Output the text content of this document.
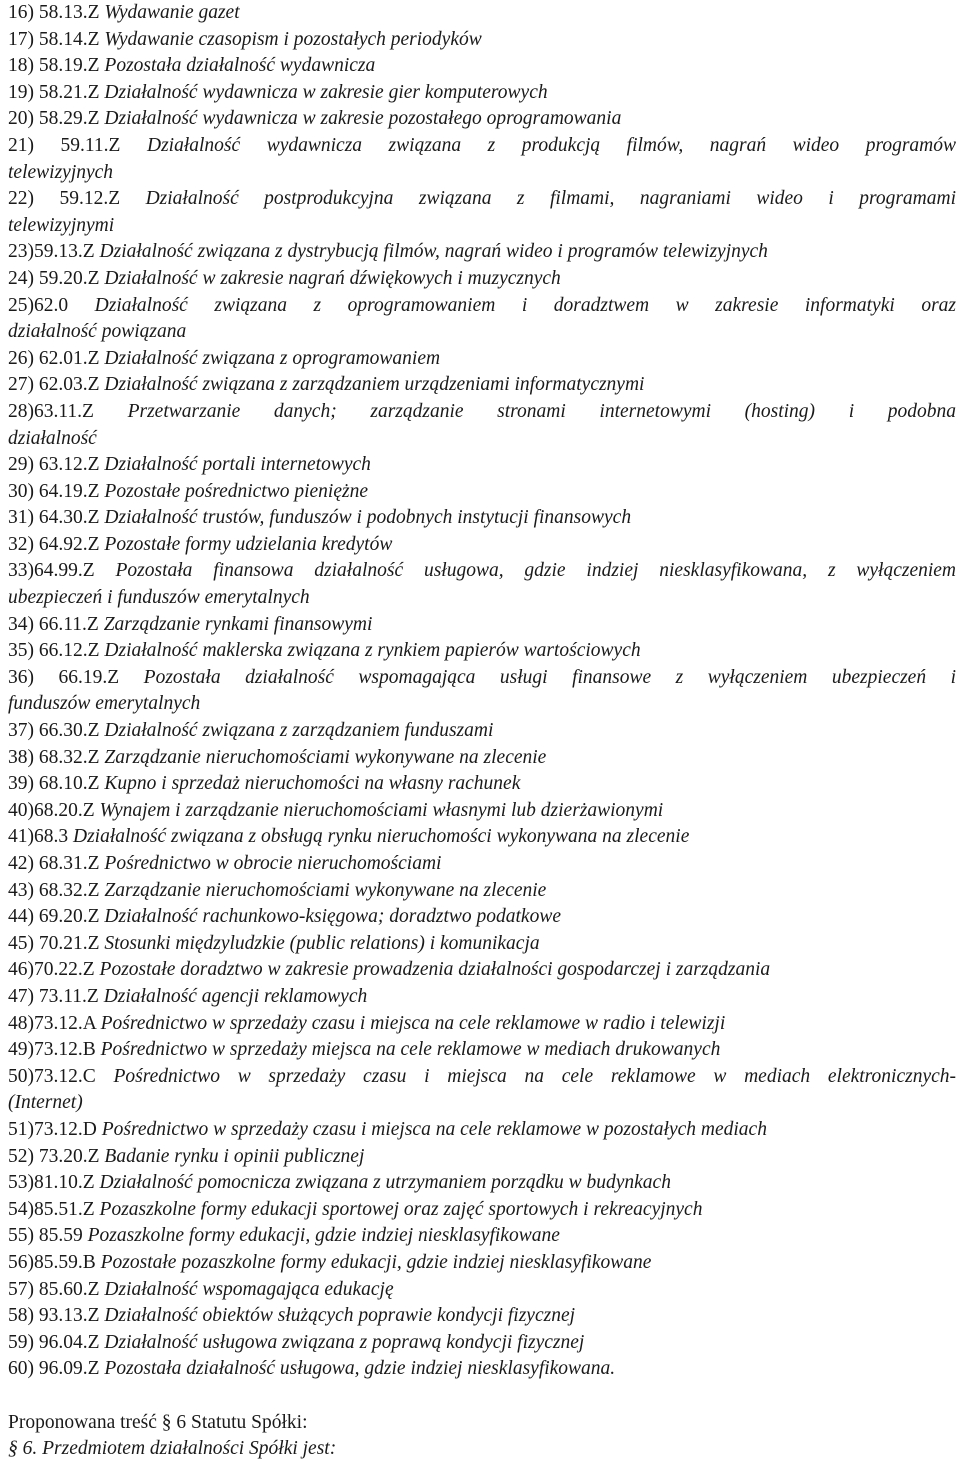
16) 58.13.Z Wydawanie gazet
17) 58.14.Z Wydawanie czasopism i pozostałych periodyków
18) 58.19.Z Pozostała działalność wydawnicza
19) 58.21.Z Działalność wydawnicza w zakresie gier komputerowych
20) 58.29.Z Działalność wydawnicza w zakresie pozostałego oprogramowania
21) 59.11.Z Działalność wydawnicza związana z produkcją filmów, nagrań wideo programów
telewizyjnych
22) 59.12.Z Działalność postprodukcyjna związana z filmami, nagraniami wideo i programami
telewizyjnymi
23)59.13.Z Działalność związana z dystrybucją filmów, nagrań wideo i programów telewizyjnych
24) 59.20.Z Działalność w zakresie nagrań dźwiękowych i muzycznych
25)62.0 Działalność związana z oprogramowaniem i doradztwem w zakresie informatyki oraz
działalność powiązana
26) 62.01.Z Działalność związana z oprogramowaniem
27) 62.03.Z Działalność związana z zarządzaniem urządzeniami informatycznymi
28)63.11.Z Przetwarzanie danych; zarządzanie stronami internetowymi (hosting) i podobna
działalność
29) 63.12.Z Działalność portali internetowych
30) 64.19.Z Pozostałe pośrednictwo pieniężne
31) 64.30.Z Działalność trustów, funduszów i podobnych instytucji finansowych
32) 64.92.Z Pozostałe formy udzielania kredytów
33)64.99.Z Pozostała finansowa działalność usługowa, gdzie indziej niesklasyfikowana, z wyłączeniem
ubezpieczeń i funduszów emerytalnych
34) 66.11.Z Zarządzanie rynkami finansowymi
35) 66.12.Z Działalność maklerska związana z rynkiem papierów wartościowych
36) 66.19.Z Pozostała działalność wspomagająca usługi finansowe z wyłączeniem ubezpieczeń i
funduszów emerytalnych
37) 66.30.Z Działalność związana z zarządzaniem funduszami
38) 68.32.Z Zarządzanie nieruchomościami wykonywane na zlecenie
39) 68.10.Z Kupno i sprzedaż nieruchomości na własny rachunek
40)68.20.Z Wynajem i zarządzanie nieruchomościami własnymi lub dzierżawionymi
41)68.3 Działalność związana z obsługą rynku nieruchomości wykonywana na zlecenie
42) 68.31.Z Pośrednictwo w obrocie nieruchomościami
43) 68.32.Z Zarządzanie nieruchomościami wykonywane na zlecenie
44) 69.20.Z Działalność rachunkowo-księgowa; doradztwo podatkowe
45) 70.21.Z Stosunki międzyludzkie (public relations) i komunikacja
46)70.22.Z Pozostałe doradztwo w zakresie prowadzenia działalności gospodarczej i zarządzania
47) 73.11.Z Działalność agencji reklamowych
48)73.12.A Pośrednictwo w sprzedaży czasu i miejsca na cele reklamowe w radio i telewizji
49)73.12.B Pośrednictwo w sprzedaży miejsca na cele reklamowe w mediach drukowanych
50)73.12.C Pośrednictwo w sprzedaży czasu i miejsca na cele reklamowe w mediach elektronicznych-
(Internet)
51)73.12.D Pośrednictwo w sprzedaży czasu i miejsca na cele reklamowe w pozostałych mediach
52) 73.20.Z Badanie rynku i opinii publicznej
53)81.10.Z Działalność pomocnicza związana z utrzymaniem porządku w budynkach
54)85.51.Z Pozaszkolne formy edukacji sportowej oraz zajęć sportowych i rekreacyjnych
55) 85.59 Pozaszkolne formy edukacji, gdzie indziej niesklasyfikowane
56)85.59.B Pozostałe pozaszkolne formy edukacji, gdzie indziej niesklasyfikowane
57) 85.60.Z Działalność wspomagająca edukację
58) 93.13.Z Działalność obiektów służących poprawie kondycji fizycznej
59) 96.04.Z Działalność usługowa związana z poprawą kondycji fizycznej
60) 96.09.Z Pozostała działalność usługowa, gdzie indziej niesklasyfikowana.
Proponowana treść § 6 Statutu Spółki:
§ 6. Przedmiotem działalności Spółki jest:
